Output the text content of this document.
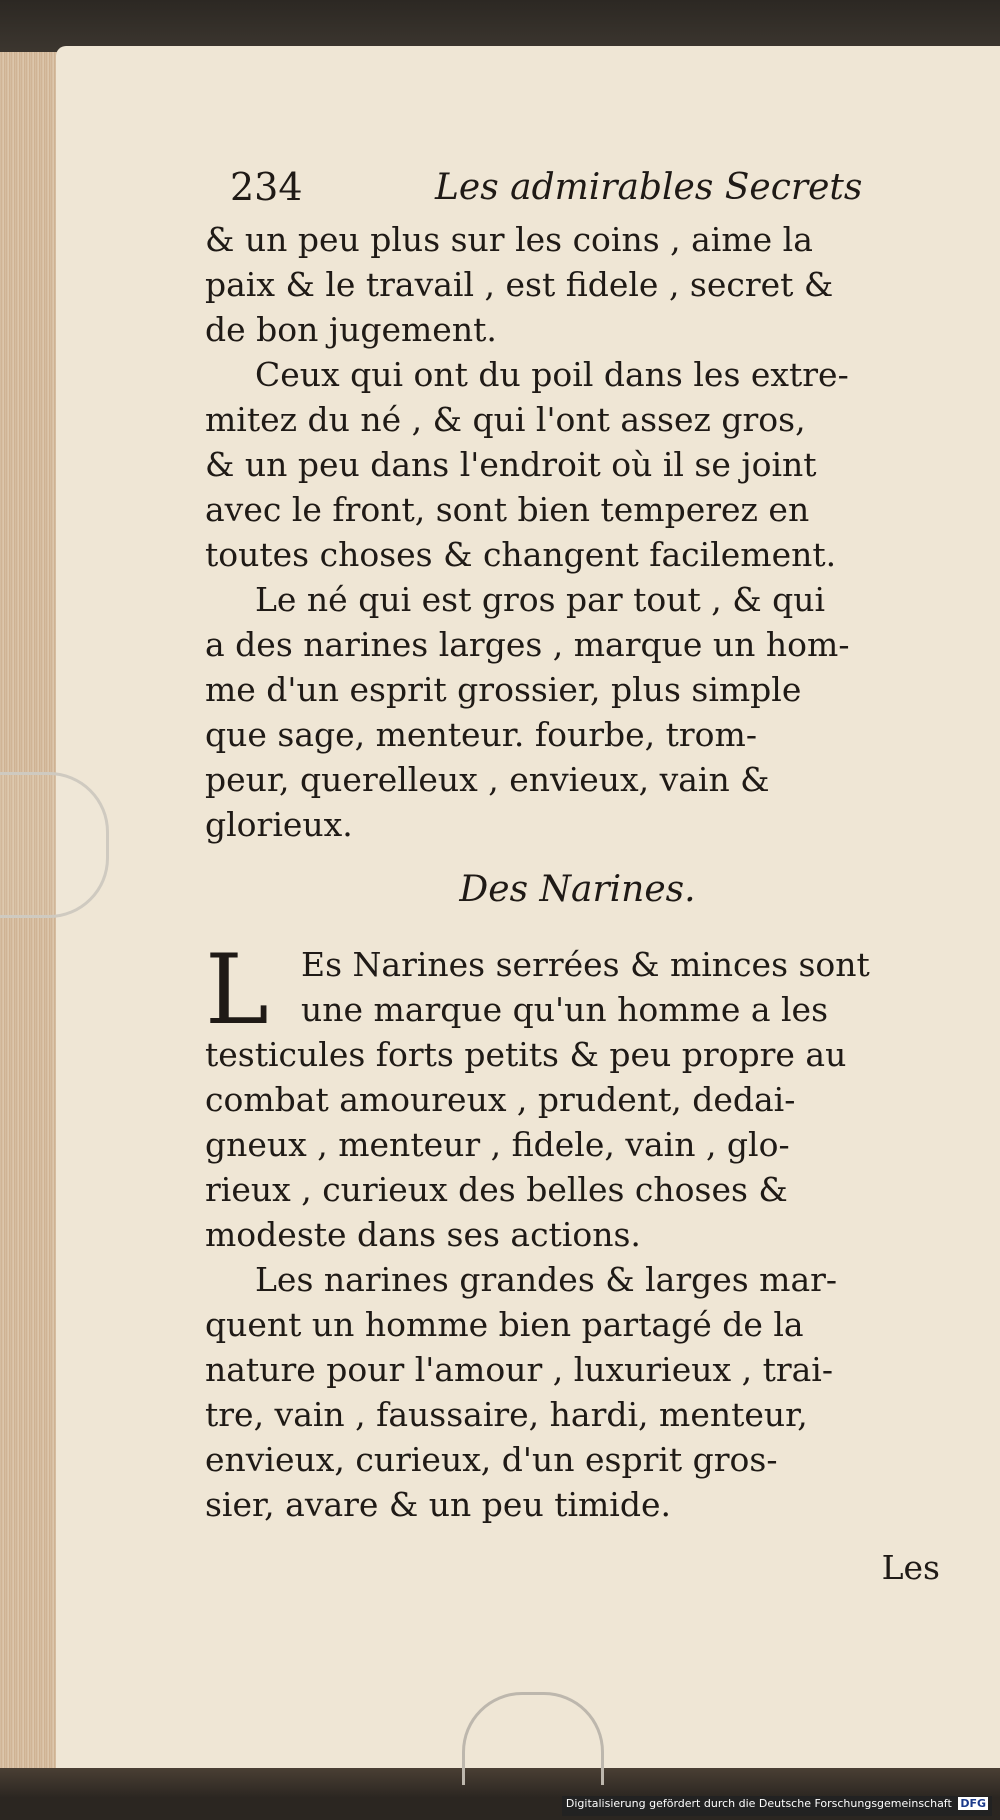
234	Les admirables Secrets
& un peu plus sur les coins , aime la
paix & le travail , est fidele , secret &
de bon jugement.
Ceux qui ont du poil dans les extre-
mitez du né , & qui l'ont assez gros,
& un peu dans l'endroit où il se joint
avec le front, sont bien temperez en
toutes choses & changent facilement.
Le né qui est gros par tout , & qui
a des narines larges , marque un hom-
me d'un esprit grossier, plus simple
que sage, menteur. fourbe, trom-
peur, querelleux , envieux, vain &
glorieux.
Des Narines.
L Es Narines serrées & minces sont
une marque qu'un homme a les
testicules forts petits & peu propre au
combat amoureux , prudent, dedai-
gneux , menteur , fidele, vain , glo-
rieux , curieux des belles choses &
modeste dans ses actions.
Les narines grandes & larges mar-
quent un homme bien partagé de la
nature pour l'amour , luxurieux , trai-
tre, vain , faussaire, hardi, menteur,
envieux, curieux, d'un esprit gros-
sier, avare & un peu timide.
Les
Digitalisierung gefördert durch die Deutsche Forschungsgemeinschaft DFG
